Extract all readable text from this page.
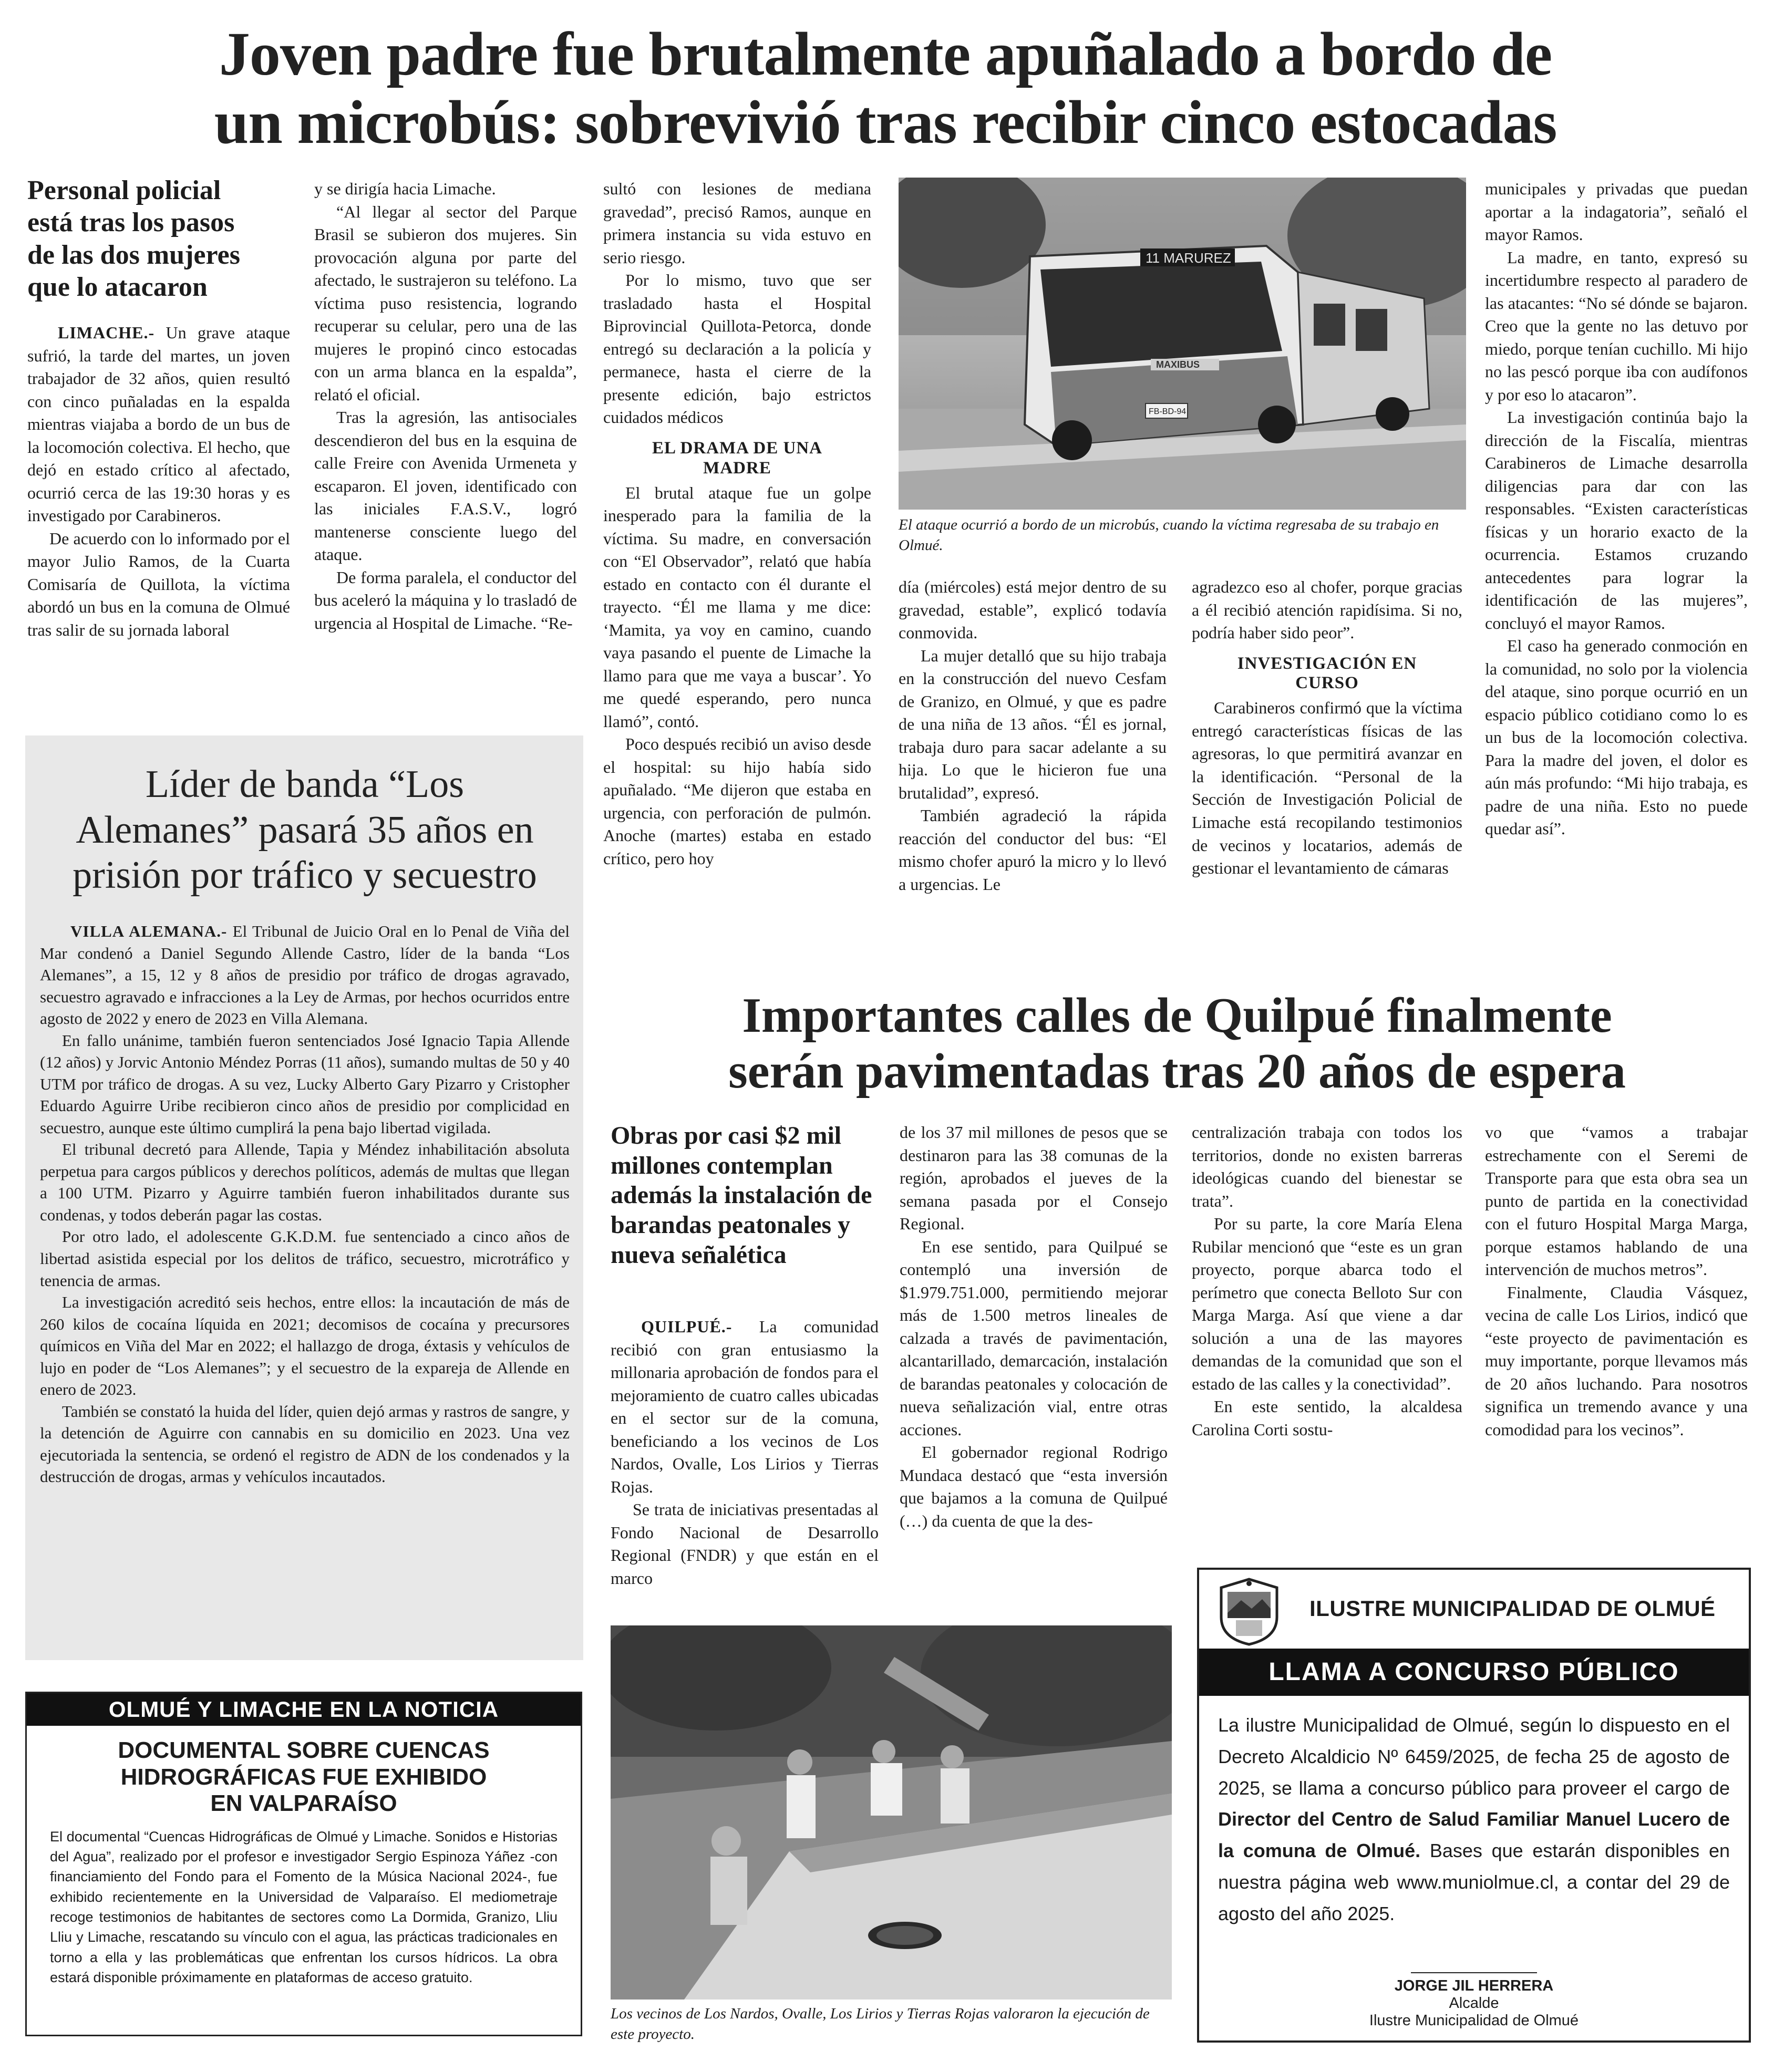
Joven padre fue brutalmente apuñalado a bordo de
un microbús: sobrevivió tras recibir cinco estocadas
Personal policial está tras los pasos de las dos mujeres que lo atacaron

LIMACHE.- Un grave ataque sufrió, la tarde del martes, un joven trabajador de 32 años, quien resultó con cinco puñaladas en la espalda mientras viajaba a bordo de un bus de la locomoción colectiva. El hecho, que dejó en estado crítico al afectado, ocurrió cerca de las 19:30 horas y es investigado por Carabineros.

De acuerdo con lo informado por el mayor Julio Ramos, de la Cuarta Comisaría de Quillota, la víctima abordó un bus en la comuna de Olmué tras salir de su jornada laboral

y se dirigía hacia Limache.

“Al llegar al sector del Parque Brasil se subieron dos mujeres. Sin provocación alguna por parte del afectado, le sustrajeron su teléfono. La víctima puso resistencia, logrando recuperar su celular, pero una de las mujeres le propinó cinco estocadas con un arma blanca en la espalda”, relató el oficial.

Tras la agresión, las antisociales descendieron del bus en la esquina de calle Freire con Avenida Urmeneta y escaparon. El joven, identificado con las iniciales F.A.S.V., logró mantenerse consciente luego del ataque.

De forma paralela, el conductor del bus aceleró la máquina y lo trasladó de urgencia al Hospital de Limache. “Re-

sultó con lesiones de mediana gravedad”, precisó Ramos, aunque en primera instancia su vida estuvo en serio riesgo.

Por lo mismo, tuvo que ser trasladado hasta el Hospital Biprovincial Quillota-Petorca, donde entregó su declaración a la policía y permanece, hasta el cierre de la presente edición, bajo estrictos cuidados médicos

EL DRAMA DE UNA MADRE

El brutal ataque fue un golpe inesperado para la familia de la víctima. Su madre, en conversación con “El Observador”, relató que había estado en contacto con él durante el trayecto. “Él me llama y me dice: ‘Mamita, ya voy en camino, cuando vaya pasando el puente de Limache la llamo para que me vaya a buscar’. Yo me quedé esperando, pero nunca llamó”, contó.

Poco después recibió un aviso desde el hospital: su hijo había sido apuñalado. “Me dijeron que estaba en urgencia, con perforación de pulmón. Anoche (martes) estaba en estado crítico, pero hoy

11 MARUREZ
MAXIBUS
FB-BD-94
El ataque ocurrió a bordo de un microbús, cuando la víctima regresaba de su trabajo en Olmué.

día (miércoles) está mejor dentro de su gravedad, estable”, explicó todavía conmovida.

La mujer detalló que su hijo trabaja en la construcción del nuevo Cesfam de Granizo, en Olmué, y que es padre de una niña de 13 años. “Él es jornal, trabaja duro para sacar adelante a su hija. Lo que le hicieron fue una brutalidad”, expresó.

También agradeció la rápida reacción del conductor del bus: “El mismo chofer apuró la micro y lo llevó a urgencias. Le

agradezco eso al chofer, porque gracias a él recibió atención rapidísima. Si no, podría haber sido peor”.

INVESTIGACIÓN EN CURSO

Carabineros confirmó que la víctima entregó características físicas de las agresoras, lo que permitirá avanzar en la identificación. “Personal de la Sección de Investigación Policial de Limache está recopilando testimonios de vecinos y locatarios, además de gestionar el levantamiento de cámaras

municipales y privadas que puedan aportar a la indagatoria”, señaló el mayor Ramos.

La madre, en tanto, expresó su incertidumbre respecto al paradero de las atacantes: “No sé dónde se bajaron. Creo que la gente no las detuvo por miedo, porque tenían cuchillo. Mi hijo no las pescó porque iba con audífonos y por eso lo atacaron”.

La investigación continúa bajo la dirección de la Fiscalía, mientras Carabineros de Limache desarrolla diligencias para dar con las responsables. “Existen características físicas y un horario exacto de la ocurrencia. Estamos cruzando antecedentes para lograr la identificación de las mujeres”, concluyó el mayor Ramos.

El caso ha generado conmoción en la comunidad, no solo por la violencia del ataque, sino porque ocurrió en un espacio público cotidiano como lo es un bus de la locomoción colectiva. Para la madre del joven, el dolor es aún más profundo: “Mi hijo trabaja, es padre de una niña. Esto no puede quedar así”.

Líder de banda “Los
Alemanes” pasará 35 años en
prisión por tráfico y secuestro

VILLA ALEMANA.- El Tribunal de Juicio Oral en lo Penal de Viña del Mar condenó a Daniel Segundo Allende Castro, líder de la banda “Los Alemanes”, a 15, 12 y 8 años de presidio por tráfico de drogas agravado, secuestro agravado e infracciones a la Ley de Armas, por hechos ocurridos entre agosto de 2022 y enero de 2023 en Villa Alemana.

En fallo unánime, también fueron sentenciados José Ignacio Tapia Allende (12 años) y Jorvic Antonio Méndez Porras (11 años), sumando multas de 50 y 40 UTM por tráfico de drogas. A su vez, Lucky Alberto Gary Pizarro y Cristopher Eduardo Aguirre Uribe recibieron cinco años de presidio por complicidad en secuestro, aunque este último cumplirá la pena bajo libertad vigilada.

El tribunal decretó para Allende, Tapia y Méndez inhabilitación absoluta perpetua para cargos públicos y derechos políticos, además de multas que llegan a 100 UTM. Pizarro y Aguirre también fueron inhabilitados durante sus condenas, y todos deberán pagar las costas.

Por otro lado, el adolescente G.K.D.M. fue sentenciado a cinco años de libertad asistida especial por los delitos de tráfico, secuestro, microtráfico y tenencia de armas.

La investigación acreditó seis hechos, entre ellos: la incautación de más de 260 kilos de cocaína líquida en 2021; decomisos de cocaína y precursores químicos en Viña del Mar en 2022; el hallazgo de droga, éxtasis y vehículos de lujo en poder de “Los Alemanes”; y el secuestro de la expareja de Allende en enero de 2023.

También se constató la huida del líder, quien dejó armas y rastros de sangre, y la detención de Aguirre con cannabis en su domicilio en 2023. Una vez ejecutoriada la sentencia, se ordenó el registro de ADN de los condenados y la destrucción de drogas, armas y vehículos incautados.

Importantes calles de Quilpué finalmente
serán pavimentadas tras 20 años de espera
Obras por casi $2 mil millones contemplan además la instalación de barandas peatonales y nueva señalética

QUILPUÉ.- La comunidad recibió con gran entusiasmo la millonaria aprobación de fondos para el mejoramiento de cuatro calles ubicadas en el sector sur de la comuna, beneficiando a los vecinos de Los Nardos, Ovalle, Los Lirios y Tierras Rojas.

Se trata de iniciativas presentadas al Fondo Nacional de Desarrollo Regional (FNDR) y que están en el marco

de los 37 mil millones de pesos que se destinaron para las 38 comunas de la región, aprobados el jueves de la semana pasada por el Consejo Regional.

En ese sentido, para Quilpué se contempló una inversión de $1.979.751.000, permitiendo mejorar más de 1.500 metros lineales de calzada a través de pavimentación, alcantarillado, demarcación, instalación de barandas peatonales y colocación de nueva señalización vial, entre otras acciones.

El gobernador regional Rodrigo Mundaca destacó que “esta inversión que bajamos a la comuna de Quilpué (…) da cuenta de que la des-

centralización trabaja con todos los territorios, donde no existen barreras ideológicas cuando del bienestar se trata”.

Por su parte, la core María Elena Rubilar mencionó que “este es un gran proyecto, porque abarca todo el perímetro que conecta Belloto Sur con Marga Marga. Así que viene a dar solución a una de las mayores demandas de la comunidad que son el estado de las calles y la conectividad”.

En este sentido, la alcaldesa Carolina Corti sostu-

vo que “vamos a trabajar estrechamente con el Seremi de Transporte para que esta obra sea un punto de partida en la conectividad con el futuro Hospital Marga Marga, porque estamos hablando de una intervención de muchos metros”.

Finalmente, Claudia Vásquez, vecina de calle Los Lirios, indicó que “este proyecto de pavimentación es muy importante, porque llevamos más de 20 años luchando. Para nosotros significa un tremendo avance y una comodidad para los vecinos”.

Los vecinos de Los Nardos, Ovalle, Los Lirios y Tierras Rojas valoraron la ejecución de este proyecto.
OLMUÉ Y LIMACHE EN LA NOTICIA
DOCUMENTAL SOBRE CUENCAS
HIDROGRÁFICAS FUE EXHIBIDO
EN VALPARAÍSO
El documental “Cuencas Hidrográficas de Olmué y Limache. Sonidos e Historias del Agua”, realizado por el profesor e investigador Sergio Espinoza Yáñez -con financiamiento del Fondo para el Fomento de la Música Nacional 2024-, fue exhibido recientemente en la Universidad de Valparaíso. El mediometraje recoge testimonios de habitantes de sectores como La Dormida, Granizo, Lliu Lliu y Limache, rescatando su vínculo con el agua, las prácticas tradicionales en torno a ella y las problemáticas que enfrentan los cursos hídricos. La obra estará disponible próximamente en plataformas de acceso gratuito.
ILUSTRE MUNICIPALIDAD DE OLMUÉ
LLAMA A CONCURSO PÚBLICO
La ilustre Municipalidad de Olmué, según lo dispuesto en el Decreto Alcaldicio Nº 6459/2025, de fecha 25 de agosto de 2025, se llama a concurso público para proveer el cargo de Director del Centro de Salud Familiar Manuel Lucero de la comuna de Olmué. Bases que estarán disponibles en nuestra página web www.muniolmue.cl, a contar del 29 de agosto del año 2025.
JORGE JIL HERRERA
Alcalde
Ilustre Municipalidad de Olmué
